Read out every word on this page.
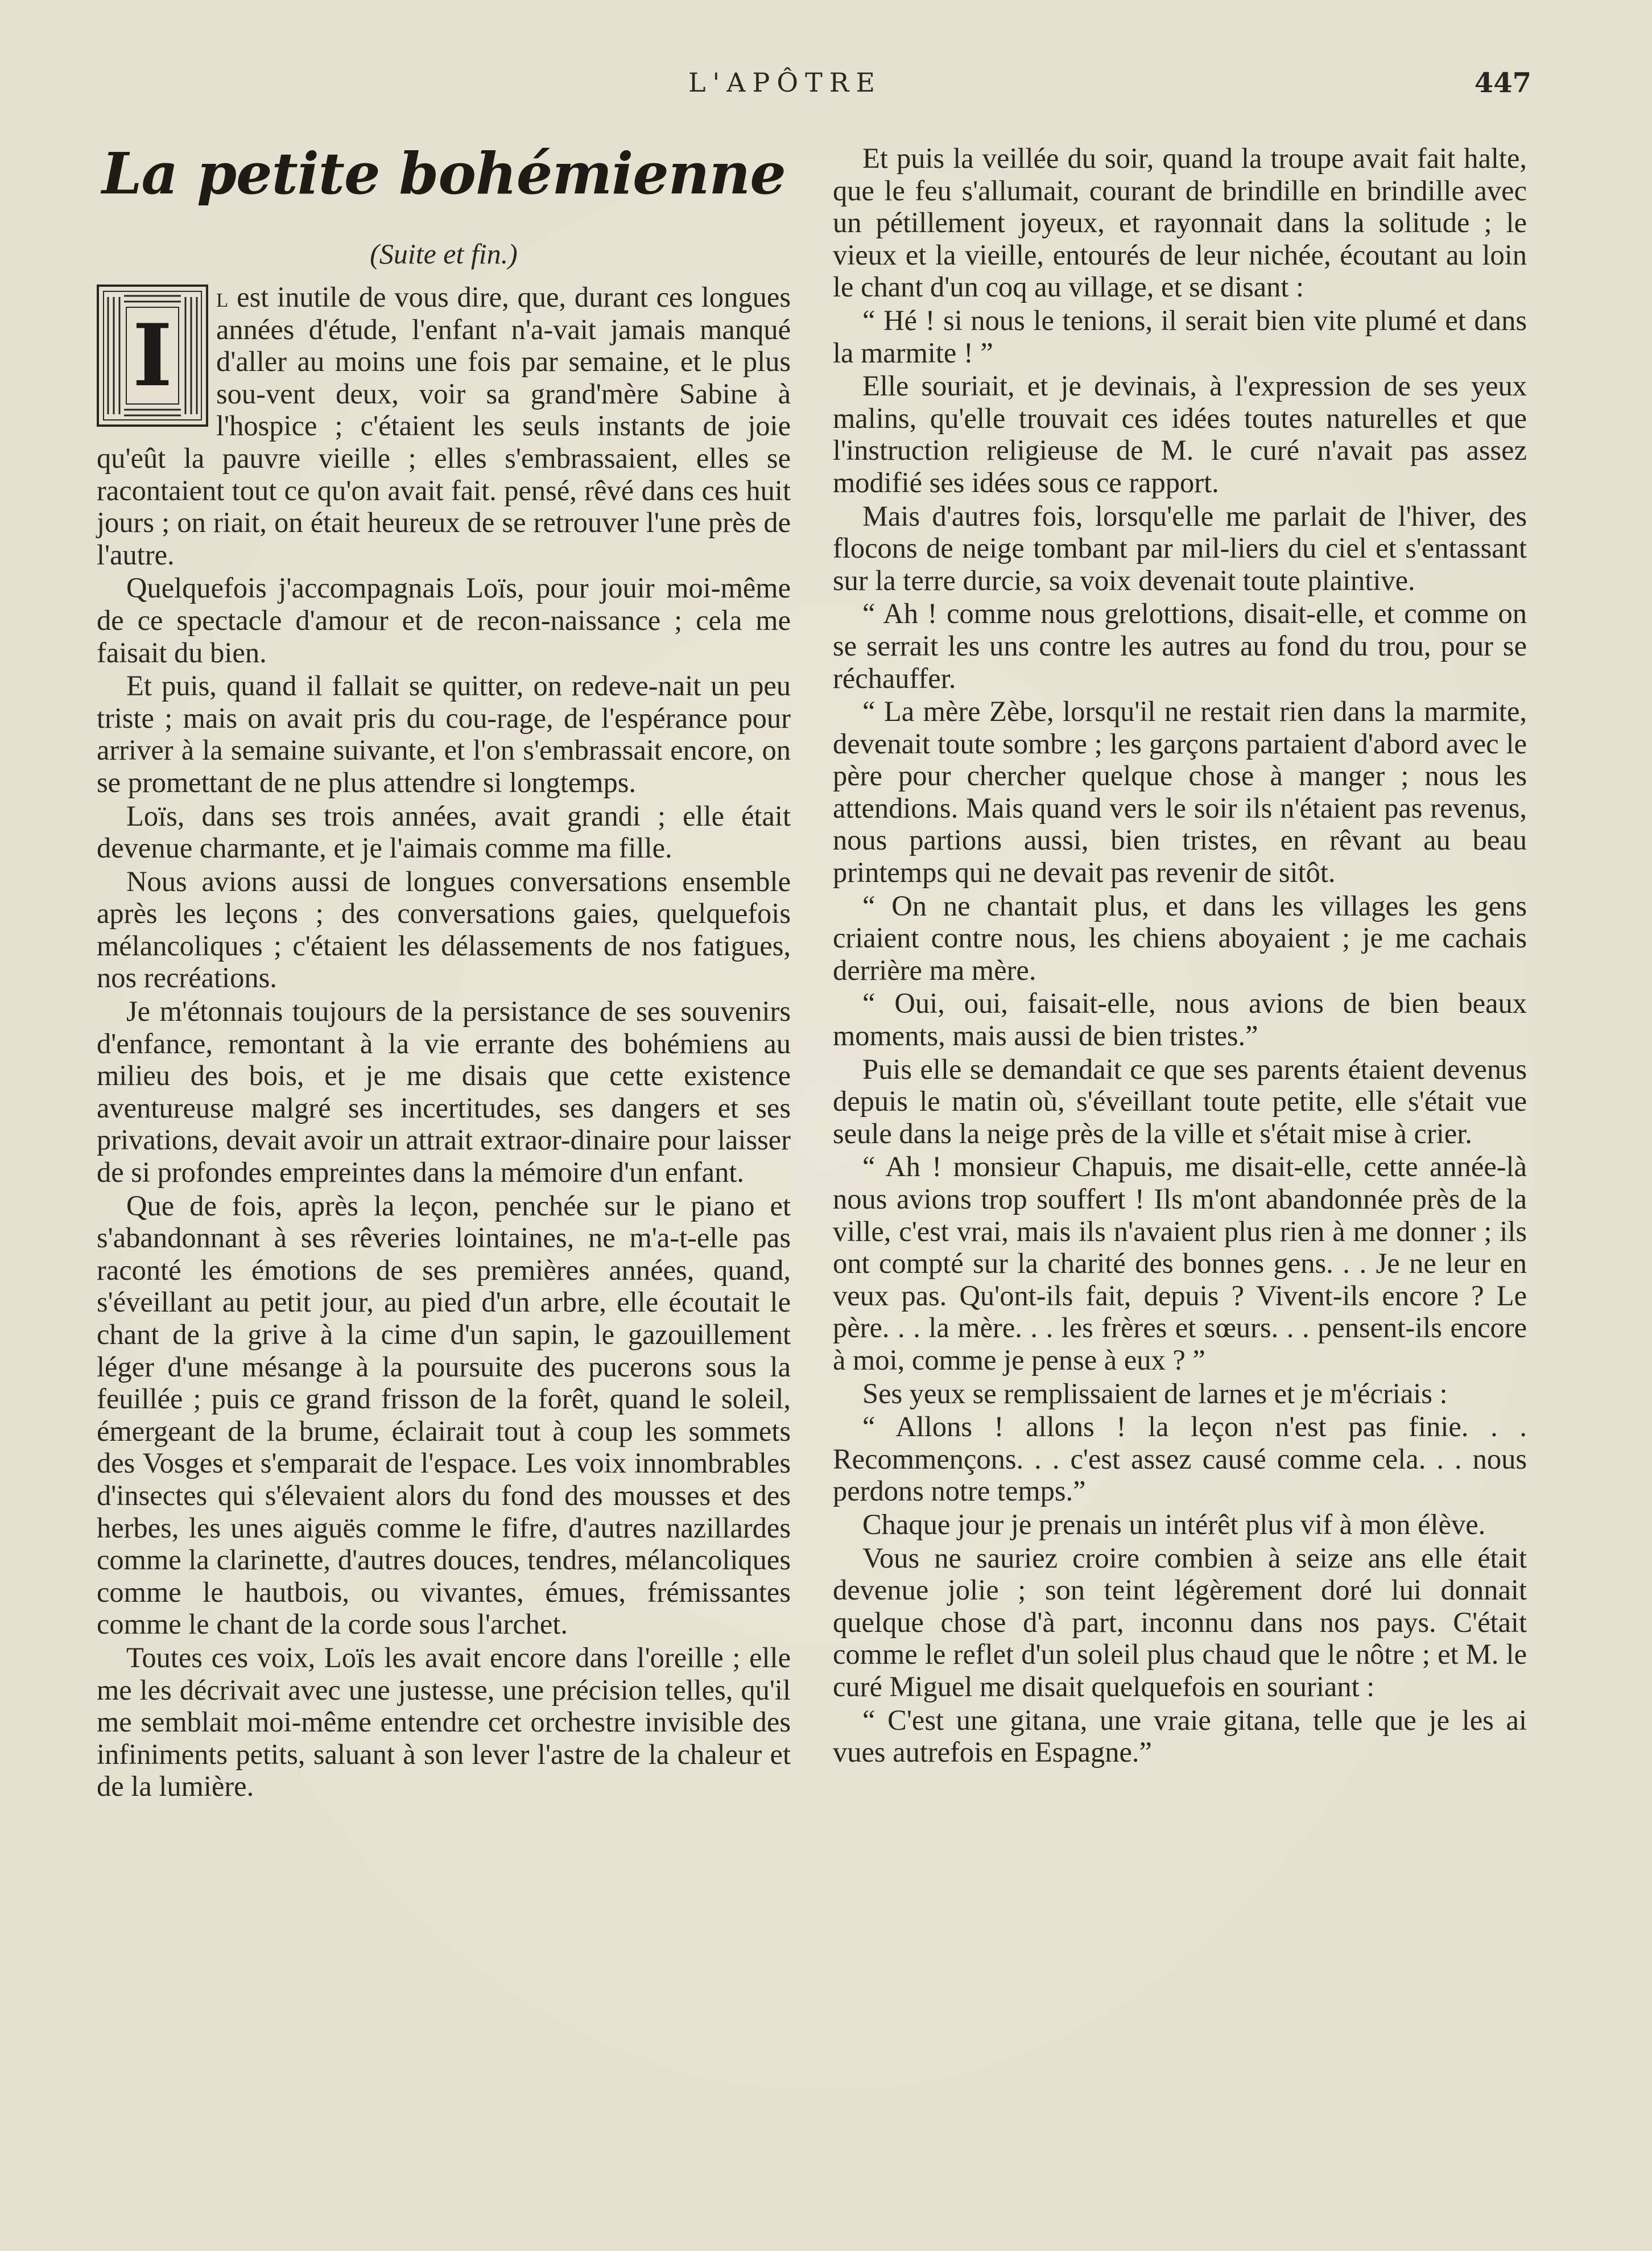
L'APÔTRE	447
La petite bohémienne
(Suite et fin.)
I

l est inutile de vous dire, que, durant ces longues années d'étude, l'enfant n'a-vait jamais manqué d'aller au moins une fois par semaine, et le plus sou-vent deux, voir sa grand'mère Sabine à l'hospice ; c'étaient les seuls instants de joie qu'eût la pauvre vieille ; elles s'embrassaient, elles se racontaient tout ce qu'on avait fait. pensé, rêvé dans ces huit jours ; on riait, on était heureux de se retrouver l'une près de l'autre.

Quelquefois j'accompagnais Loïs, pour jouir moi-même de ce spectacle d'amour et de recon-naissance ; cela me faisait du bien.

Et puis, quand il fallait se quitter, on redeve-nait un peu triste ; mais on avait pris du cou-rage, de l'espérance pour arriver à la semaine suivante, et l'on s'embrassait encore, on se promettant de ne plus attendre si longtemps.

Loïs, dans ses trois années, avait grandi ; elle était devenue charmante, et je l'aimais comme ma fille.

Nous avions aussi de longues conversations ensemble après les leçons ; des conversations gaies, quelquefois mélancoliques ; c'étaient les délassements de nos fatigues, nos recréations.

Je m'étonnais toujours de la persistance de ses souvenirs d'enfance, remontant à la vie errante des bohémiens au milieu des bois, et je me disais que cette existence aventureuse malgré ses incertitudes, ses dangers et ses privations, devait avoir un attrait extraor-dinaire pour laisser de si profondes empreintes dans la mémoire d'un enfant.

Que de fois, après la leçon, penchée sur le piano et s'abandonnant à ses rêveries lointaines, ne m'a-t-elle pas raconté les émotions de ses premières années, quand, s'éveillant au petit jour, au pied d'un arbre, elle écoutait le chant de la grive à la cime d'un sapin, le gazouillement léger d'une mésange à la poursuite des pucerons sous la feuillée ; puis ce grand frisson de la forêt, quand le soleil, émergeant de la brume, éclairait tout à coup les sommets des Vosges et s'emparait de l'espace. Les voix innombrables d'insectes qui s'élevaient alors du fond des mousses et des herbes, les unes aiguës comme le fifre, d'autres nazillardes comme la clarinette, d'autres douces, tendres, mélancoliques comme le hautbois, ou vivantes, émues, frémissantes comme le chant de la corde sous l'archet.

Toutes ces voix, Loïs les avait encore dans l'oreille ; elle me les décrivait avec une justesse, une précision telles, qu'il me semblait moi-même entendre cet orchestre invisible des infiniments petits, saluant à son lever l'astre de la chaleur et de la lumière.

Et puis la veillée du soir, quand la troupe avait fait halte, que le feu s'allumait, courant de brindille en brindille avec un pétillement joyeux, et rayonnait dans la solitude ; le vieux et la vieille, entourés de leur nichée, écoutant au loin le chant d'un coq au village, et se disant :

“ Hé ! si nous le tenions, il serait bien vite plumé et dans la marmite ! ”

Elle souriait, et je devinais, à l'expression de ses yeux malins, qu'elle trouvait ces idées toutes naturelles et que l'instruction religieuse de M. le curé n'avait pas assez modifié ses idées sous ce rapport.

Mais d'autres fois, lorsqu'elle me parlait de l'hiver, des flocons de neige tombant par mil-liers du ciel et s'entassant sur la terre durcie, sa voix devenait toute plaintive.

“ Ah ! comme nous grelottions, disait-elle, et comme on se serrait les uns contre les autres au fond du trou, pour se réchauffer.

“ La mère Zèbe, lorsqu'il ne restait rien dans la marmite, devenait toute sombre ; les garçons partaient d'abord avec le père pour chercher quelque chose à manger ; nous les attendions. Mais quand vers le soir ils n'étaient pas revenus, nous partions aussi, bien tristes, en rêvant au beau printemps qui ne devait pas revenir de sitôt.

“ On ne chantait plus, et dans les villages les gens criaient contre nous, les chiens aboyaient ; je me cachais derrière ma mère.

“ Oui, oui, faisait-elle, nous avions de bien beaux moments, mais aussi de bien tristes.”

Puis elle se demandait ce que ses parents étaient devenus depuis le matin où, s'éveillant toute petite, elle s'était vue seule dans la neige près de la ville et s'était mise à crier.

“ Ah ! monsieur Chapuis, me disait-elle, cette année-là nous avions trop souffert ! Ils m'ont abandonnée près de la ville, c'est vrai, mais ils n'avaient plus rien à me donner ; ils ont compté sur la charité des bonnes gens. . . Je ne leur en veux pas. Qu'ont-ils fait, depuis ? Vivent-ils encore ? Le père. . . la mère. . . les frères et sœurs. . . pensent-ils encore à moi, comme je pense à eux ? ”

Ses yeux se remplissaient de larnes et je m'écriais :

“ Allons ! allons ! la leçon n'est pas finie. . . Recommençons. . . c'est assez causé comme cela. . . nous perdons notre temps.”

Chaque jour je prenais un intérêt plus vif à mon élève.

Vous ne sauriez croire combien à seize ans elle était devenue jolie ; son teint légèrement doré lui donnait quelque chose d'à part, inconnu dans nos pays. C'était comme le reflet d'un soleil plus chaud que le nôtre ; et M. le curé Miguel me disait quelquefois en souriant :

“ C'est une gitana, une vraie gitana, telle que je les ai vues autrefois en Espagne.”
